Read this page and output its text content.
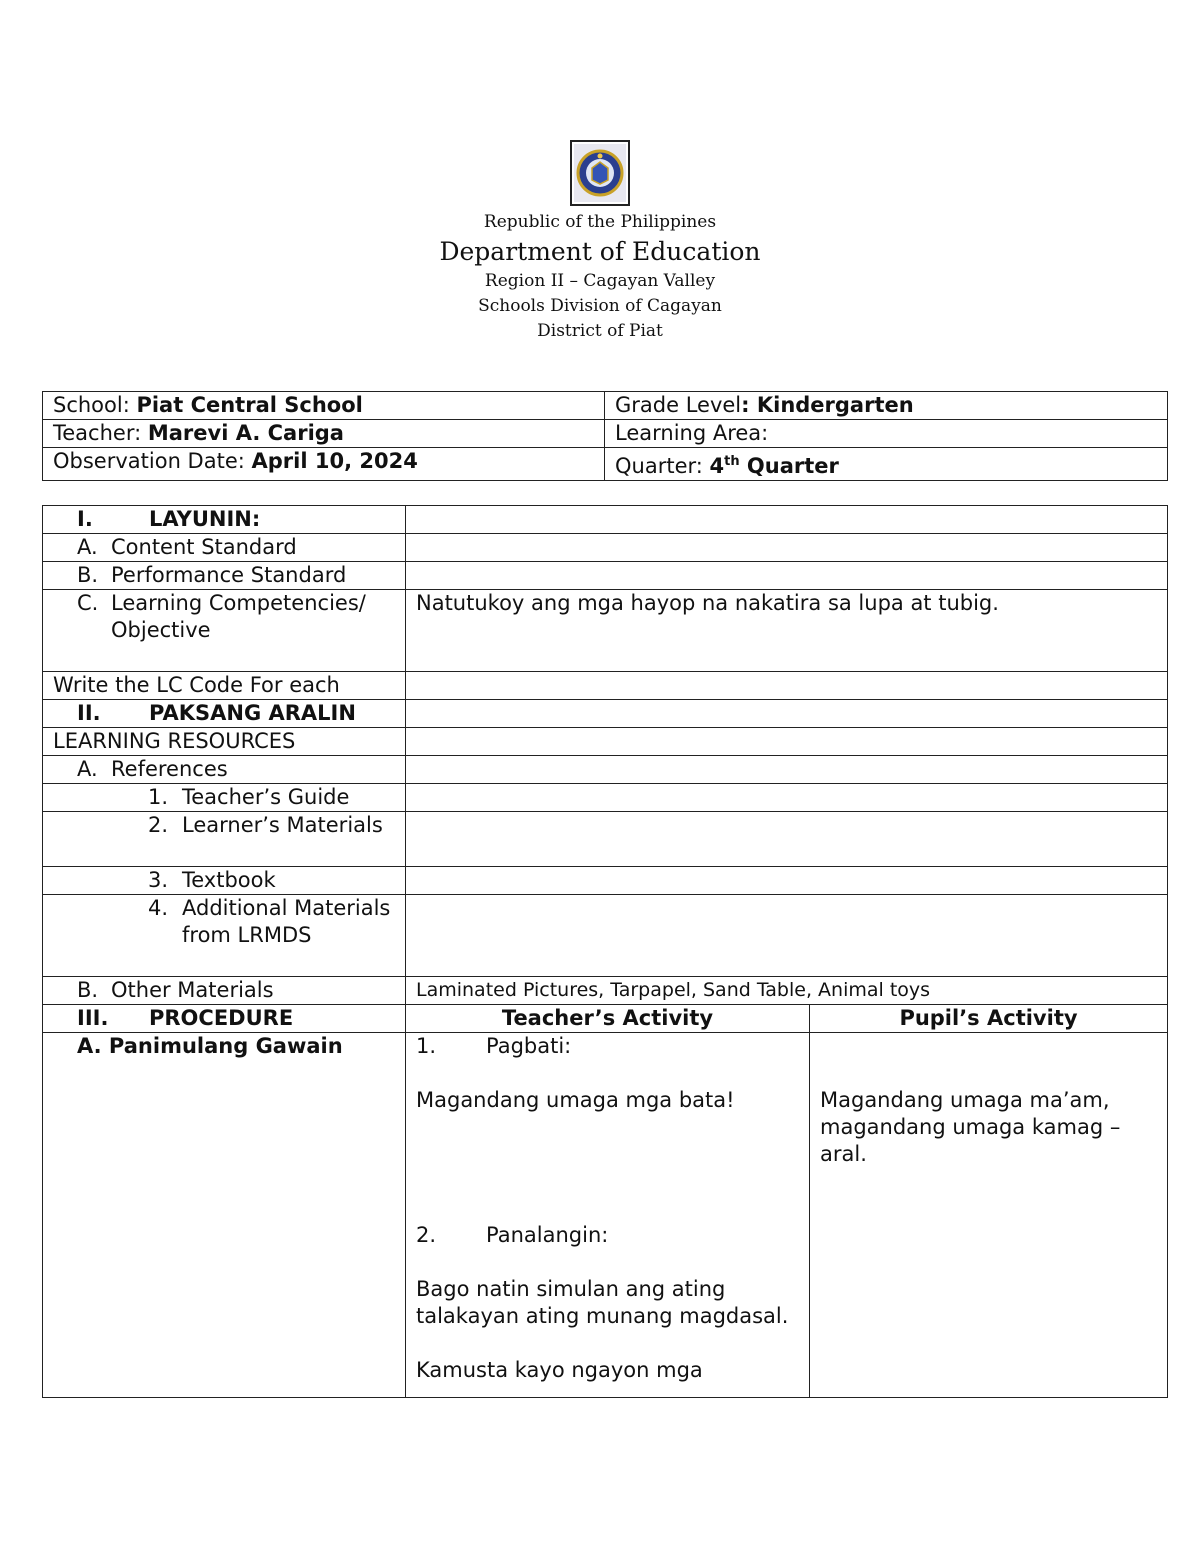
Republic of the Philippines
Department of Education
Region II – Cagayan Valley
Schools Division of Cagayan
District of Piat
School: Piat Central School	Grade Level: Kindergarten
Teacher: Marevi A. Cariga	Learning Area:
Observation Date: April 10, 2024	Quarter: 4th Quarter
I. LAYUNIN:		
A. Content Standard		
B. Performance Standard		

C. Learning Competencies/ Objective	Natutukoy ang mga hayop na nakatira sa lupa at tubig.	
Write the LC Code For each		
II. PAKSANG ARALIN		
LEARNING RESOURCES		
A. References		
1. Teacher’s Guide		

2. Learner’s Materials		

3. Textbook		

4. Additional Materials from LRMDS		

B. Other Materials	Laminated Pictures, Tarpapel, Sand Table, Animal toys	
III. PROCEDURE	Teacher’s Activity	Pupil’s Activity
A. Panimulang Gawain	1. Pagbati:
Magandang umaga mga bata!
2. Panalangin:
Bago natin simulan ang ating talakayan ating munang magdasal.
Kamusta kayo ngayon mga	Magandang umaga ma’am, magandang umaga kamag – aral.
